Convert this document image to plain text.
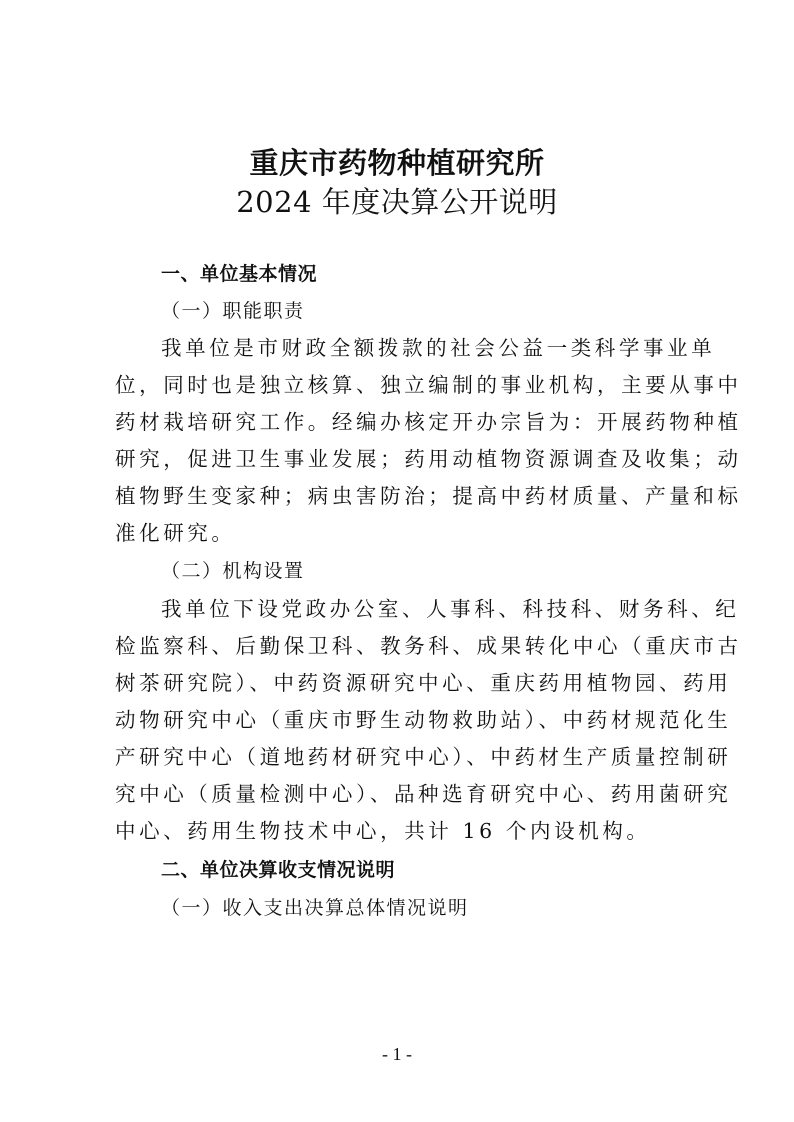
重庆市药物种植研究所
2024 年度决算公开说明
一、单位基本情况
（一）职能职责
我单位是市财政全额拨款的社会公益一类科学事业单
位，同时也是独立核算、独立编制的事业机构，主要从事中
药材栽培研究工作。经编办核定开办宗旨为：开展药物种植
研究，促进卫生事业发展；药用动植物资源调查及收集；动
植物野生变家种；病虫害防治；提高中药材质量、产量和标
准化研究。
（二）机构设置
我单位下设党政办公室、人事科、科技科、财务科、纪
检监察科、后勤保卫科、教务科、成果转化中心（重庆市古
树茶研究院）、中药资源研究中心、重庆药用植物园、药用
动物研究中心（重庆市野生动物救助站）、中药材规范化生
产研究中心（道地药材研究中心）、中药材生产质量控制研
究中心（质量检测中心）、品种选育研究中心、药用菌研究
中心、药用生物技术中心，共计 16 个内设机构。
二、单位决算收支情况说明
（一）收入支出决算总体情况说明
- 1 -
